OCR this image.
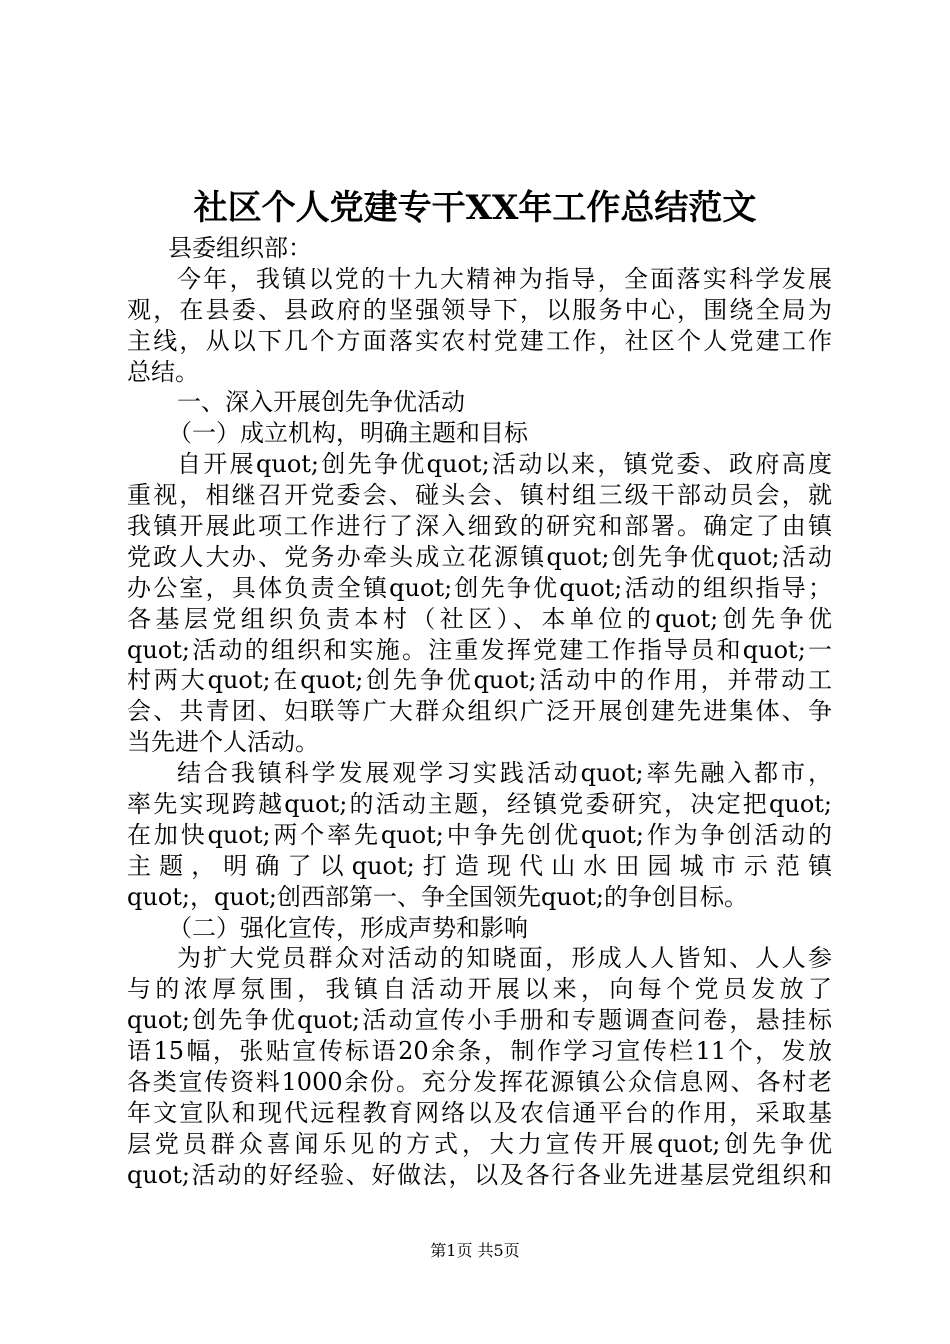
社区个人党建专干XX年工作总结范文
县委组织部：
今年，我镇以党的十九大精神为指导，全面落实科学发展
观，在县委、县政府的坚强领导下，以服务中心，围绕全局为
主线，从以下几个方面落实农村党建工作，社区个人党建工作
总结。
一、深入开展创先争优活动
（一）成立机构，明确主题和目标
自开展quot;创先争优quot;活动以来，镇党委、政府高度
重视，相继召开党委会、碰头会、镇村组三级干部动员会，就
我镇开展此项工作进行了深入细致的研究和部署。确定了由镇
党政人大办、党务办牵头成立花源镇quot;创先争优quot;活动
办公室，具体负责全镇quot;创先争优quot;活动的组织指导；
各基层党组织负责本村（社区）、本单位的quot;创先争优
quot;活动的组织和实施。注重发挥党建工作指导员和quot;一
村两大quot;在quot;创先争优quot;活动中的作用，并带动工
会、共青团、妇联等广大群众组织广泛开展创建先进集体、争
当先进个人活动。
结合我镇科学发展观学习实践活动quot;率先融入都市，
率先实现跨越quot;的活动主题，经镇党委研究，决定把quot;
在加快quot;两个率先quot;中争先创优quot;作为争创活动的
主题，明确了以quot;打造现代山水田园城市示范镇
quot;，quot;创西部第一、争全国领先quot;的争创目标。
（二）强化宣传，形成声势和影响
为扩大党员群众对活动的知晓面，形成人人皆知、人人参
与的浓厚氛围，我镇自活动开展以来，向每个党员发放了
quot;创先争优quot;活动宣传小手册和专题调查问卷，悬挂标
语15幅，张贴宣传标语20余条，制作学习宣传栏11个，发放
各类宣传资料1000余份。充分发挥花源镇公众信息网、各村老
年文宣队和现代远程教育网络以及农信通平台的作用，采取基
层党员群众喜闻乐见的方式，大力宣传开展quot;创先争优
quot;活动的好经验、好做法，以及各行各业先进基层党组织和
第1页 共5页
